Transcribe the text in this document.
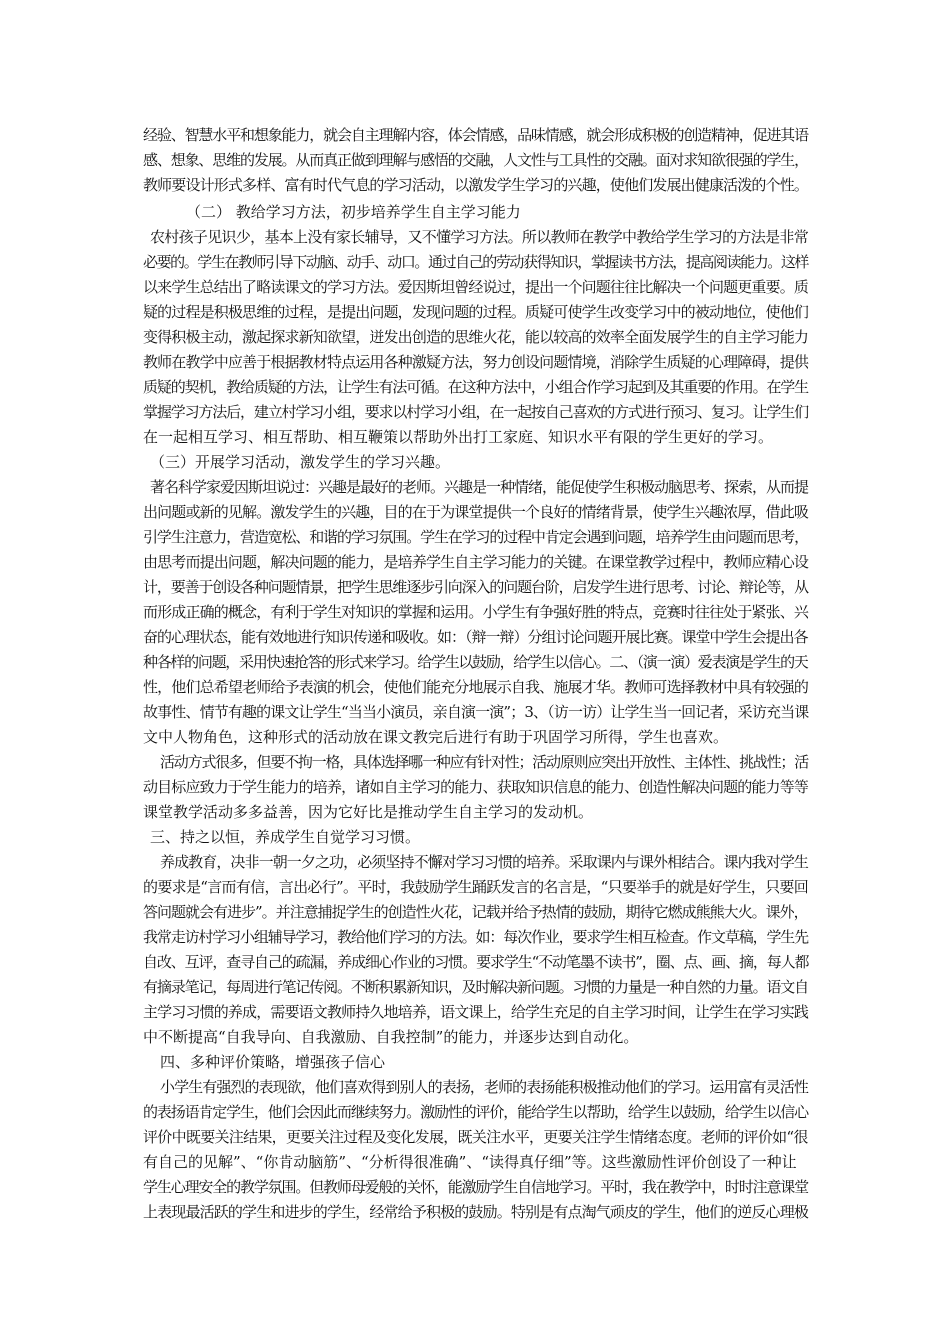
经验、智慧水平和想象能力，就会自主理解内容，体会情感，品味情感，就会形成积极的创造精神，促进其语
感、想象、思维的发展。从而真正做到理解与感悟的交融，人文性与工具性的交融。面对求知欲很强的学生，
教师要设计形式多样、富有时代气息的学习活动，以激发学生学习的兴趣，使他们发展出健康活泼的个性。
（二） 教给学习方法，初步培养学生自主学习能力
农村孩子见识少，基本上没有家长辅导，又不懂学习方法。所以教师在教学中教给学生学习的方法是非常
必要的。学生在教师引导下动脑、动手、动口。通过自己的劳动获得知识，掌握读书方法，提高阅读能力。这样
以来学生总结出了略读课文的学习方法。爱因斯坦曾经说过，提出一个问题往往比解决一个问题更重要。质
疑的过程是积极思维的过程，是提出问题，发现问题的过程。质疑可使学生改变学习中的被动地位，使他们
变得积极主动，激起探求新知欲望，迸发出创造的思维火花，能以较高的效率全面发展学生的自主学习能力
教师在教学中应善于根据教材特点运用各种激疑方法，努力创设问题情境，消除学生质疑的心理障碍，提供
质疑的契机，教给质疑的方法，让学生有法可循。在这种方法中，小组合作学习起到及其重要的作用。在学生
掌握学习方法后，建立村学习小组，要求以村学习小组，在一起按自己喜欢的方式进行预习、复习。让学生们
在一起相互学习、相互帮助、相互鞭策以帮助外出打工家庭、知识水平有限的学生更好的学习。
（三）开展学习活动，激发学生的学习兴趣。
著名科学家爱因斯坦说过：兴趣是最好的老师。兴趣是一种情绪，能促使学生积极动脑思考、探索，从而提
出问题或新的见解。激发学生的兴趣，目的在于为课堂提供一个良好的情绪背景，使学生兴趣浓厚，借此吸
引学生注意力，营造宽松、和谐的学习氛围。学生在学习的过程中肯定会遇到问题，培养学生由问题而思考，
由思考而提出问题，解决问题的能力，是培养学生自主学习能力的关键。在课堂教学过程中，教师应精心设
计，要善于创设各种问题情景，把学生思维逐步引向深入的问题台阶，启发学生进行思考、讨论、辩论等，从
而形成正确的概念，有利于学生对知识的掌握和运用。小学生有争强好胜的特点，竞赛时往往处于紧张、兴
奋的心理状态，能有效地进行知识传递和吸收。如：（辩一辩）分组讨论问题开展比赛。课堂中学生会提出各
种各样的问题，采用快速抢答的形式来学习。给学生以鼓励，给学生以信心。二、（演一演）爱表演是学生的天
性，他们总希望老师给予表演的机会，使他们能充分地展示自我、施展才华。教师可选择教材中具有较强的
故事性、情节有趣的课文让学生“当当小演员，亲自演一演”；3、（访一访）让学生当一回记者，采访充当课
文中人物角色，这种形式的活动放在课文教完后进行有助于巩固学习所得，学生也喜欢。
活动方式很多，但要不拘一格，具体选择哪一种应有针对性；活动原则应突出开放性、主体性、挑战性；活
动目标应致力于学生能力的培养，诸如自主学习的能力、获取知识信息的能力、创造性解决问题的能力等等
课堂教学活动多多益善，因为它好比是推动学生自主学习的发动机。
三、持之以恒，养成学生自觉学习习惯。
养成教育，决非一朝一夕之功，必须坚持不懈对学习习惯的培养。采取课内与课外相结合。课内我对学生
的要求是“言而有信，言出必行”。平时，我鼓励学生踊跃发言的名言是，“只要举手的就是好学生，只要回
答问题就会有进步”。并注意捕捉学生的创造性火花，记载并给予热情的鼓励，期待它燃成熊熊大火。课外，
我常走访村学习小组辅导学习，教给他们学习的方法。如：每次作业，要求学生相互检查。作文草稿，学生先
自改、互评，查寻自己的疏漏，养成细心作业的习惯。要求学生“不动笔墨不读书”，圈、点、画、摘，每人都
有摘录笔记，每周进行笔记传阅。不断积累新知识，及时解决新问题。习惯的力量是一种自然的力量。语文自
主学习习惯的养成，需要语文教师持久地培养，语文课上，给学生充足的自主学习时间，让学生在学习实践
中不断提高“自我导向、自我激励、自我控制”的能力，并逐步达到自动化。
四、多种评价策略，增强孩子信心
小学生有强烈的表现欲，他们喜欢得到别人的表扬，老师的表扬能积极推动他们的学习。运用富有灵活性
的表扬语肯定学生，他们会因此而继续努力。激励性的评价，能给学生以帮助，给学生以鼓励，给学生以信心
评价中既要关注结果，更要关注过程及变化发展，既关注水平，更要关注学生情绪态度。老师的评价如“很
有自己的见解”、“你肯动脑筋”、“分析得很准确”、“读得真仔细”等。这些激励性评价创设了一种让
学生心理安全的教学氛围。但教师母爱般的关怀，能激励学生自信地学习。平时，我在教学中，时时注意课堂
上表现最活跃的学生和进步的学生，经常给予积极的鼓励。特别是有点淘气顽皮的学生，他们的逆反心理极
